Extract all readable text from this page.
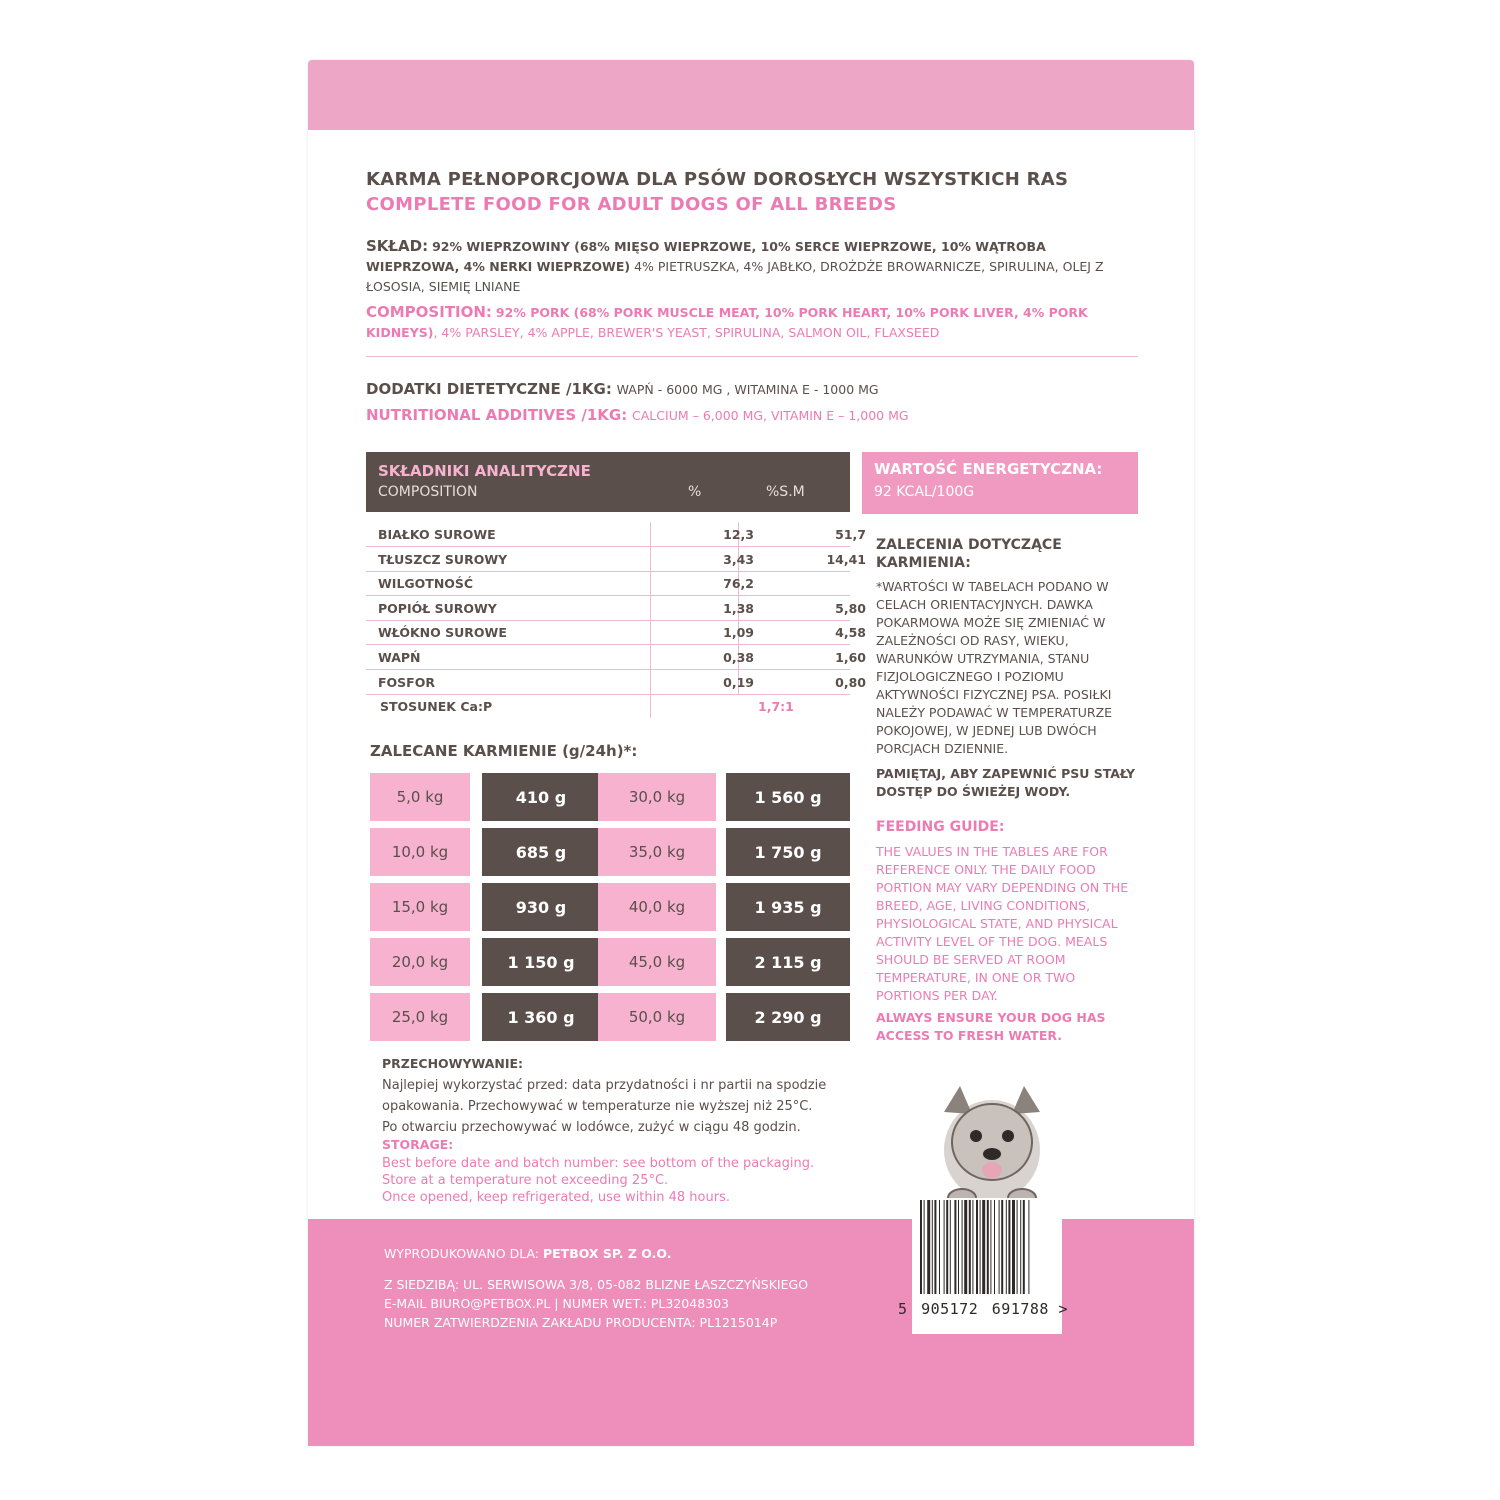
KARMA PEŁNOPORCJOWA DLA PSÓW DOROSŁYCH WSZYSTKICH RAS
COMPLETE FOOD FOR ADULT DOGS OF ALL BREEDS
SKŁAD: 92% WIEPRZOWINY (68% MIĘSO WIEPRZOWE, 10% SERCE WIEPRZOWE, 10% WĄTROBA WIEPRZOWA, 4% NERKI WIEPRZOWE) 4% PIETRUSZKA, 4% JABŁKO, DROŻDŻE BROWARNICZE, SPIRULINA, OLEJ Z ŁOSOSIA, SIEMIĘ LNIANE
COMPOSITION: 92% PORK (68% PORK MUSCLE MEAT, 10% PORK HEART, 10% PORK LIVER, 4% PORK KIDNEYS), 4% PARSLEY, 4% APPLE, BREWER'S YEAST, SPIRULINA, SALMON OIL, FLAXSEED
DODATKI DIETETYCZNE /1KG: WAPŃ - 6000 MG , WITAMINA E - 1000 MG
NUTRITIONAL ADDITIVES /1KG: CALCIUM – 6,000 MG, VITAMIN E – 1,000 MG
SKŁADNIKI ANALITYCZNE
COMPOSITION	%	%S.M
BIAŁKO SUROWE	12,3	51,7
TŁUSZCZ SUROWY	3,43	14,41
WILGOTNOŚĆ	76,2
POPIÓŁ SUROWY	1,38	5,80
WŁÓKNO SUROWE	1,09	4,58
WAPŃ	0,38	1,60
FOSFOR	0,19	0,80
STOSUNEK Ca:P	1,7:1
WARTOŚĆ ENERGETYCZNA:
92 KCAL/100G
ZALECANE KARMIENIE (g/24h)*:
5,0 kg	410 g
10,0 kg	685 g
15,0 kg	930 g
20,0 kg	1 150 g
25,0 kg	1 360 g
30,0 kg	1 560 g
35,0 kg	1 750 g
40,0 kg	1 935 g
45,0 kg	2 115 g
50,0 kg	2 290 g
ZALECENIA DOTYCZĄCE KARMIENIA:
*WARTOŚCI W TABELACH PODANO W CELACH ORIENTACYJNYCH. DAWKA POKARMOWA MOŻE SIĘ ZMIENIAĆ W ZALEŻNOŚCI OD RASY, WIEKU, WARUNKÓW UTRZYMANIA, STANU FIZJOLOGICZNEGO I POZIOMU AKTYWNOŚCI FIZYCZNEJ PSA. POSIŁKI NALEŻY PODAWAĆ W TEMPERATURZE POKOJOWEJ, W JEDNEJ LUB DWÓCH PORCJACH DZIENNIE.
PAMIĘTAJ, ABY ZAPEWNIĆ PSU STAŁY DOSTĘP DO ŚWIEŻEJ WODY.
FEEDING GUIDE:
THE VALUES IN THE TABLES ARE FOR REFERENCE ONLY. THE DAILY FOOD PORTION MAY VARY DEPENDING ON THE BREED, AGE, LIVING CONDITIONS, PHYSIOLOGICAL STATE, AND PHYSICAL ACTIVITY LEVEL OF THE DOG. MEALS SHOULD BE SERVED AT ROOM TEMPERATURE, IN ONE OR TWO PORTIONS PER DAY.
ALWAYS ENSURE YOUR DOG HAS ACCESS TO FRESH WATER.
PRZECHOWYWANIE:
Najlepiej wykorzystać przed: data przydatności i nr partii na spodzie
opakowania. Przechowywać w temperaturze nie wyższej niż 25°C.
Po otwarciu przechowywać w lodówce, zużyć w ciągu 48 godzin.
STORAGE:
Best before date and batch number: see bottom of the packaging.
Store at a temperature not exceeding 25°C.
Once opened, keep refrigerated, use within 48 hours.
WYPRODUKOWANO DLA: PETBOX SP. Z O.O.
Z SIEDZIBĄ: UL. SERWISOWA 3/8, 05-082 BLIZNE ŁASZCZYŃSKIEGO
E-MAIL BIURO@PETBOX.PL | NUMER WET.: PL32048303
NUMER ZATWIERDZENIA ZAKŁADU PRODUCENTA: PL1215014P
5 905172 691788 >
